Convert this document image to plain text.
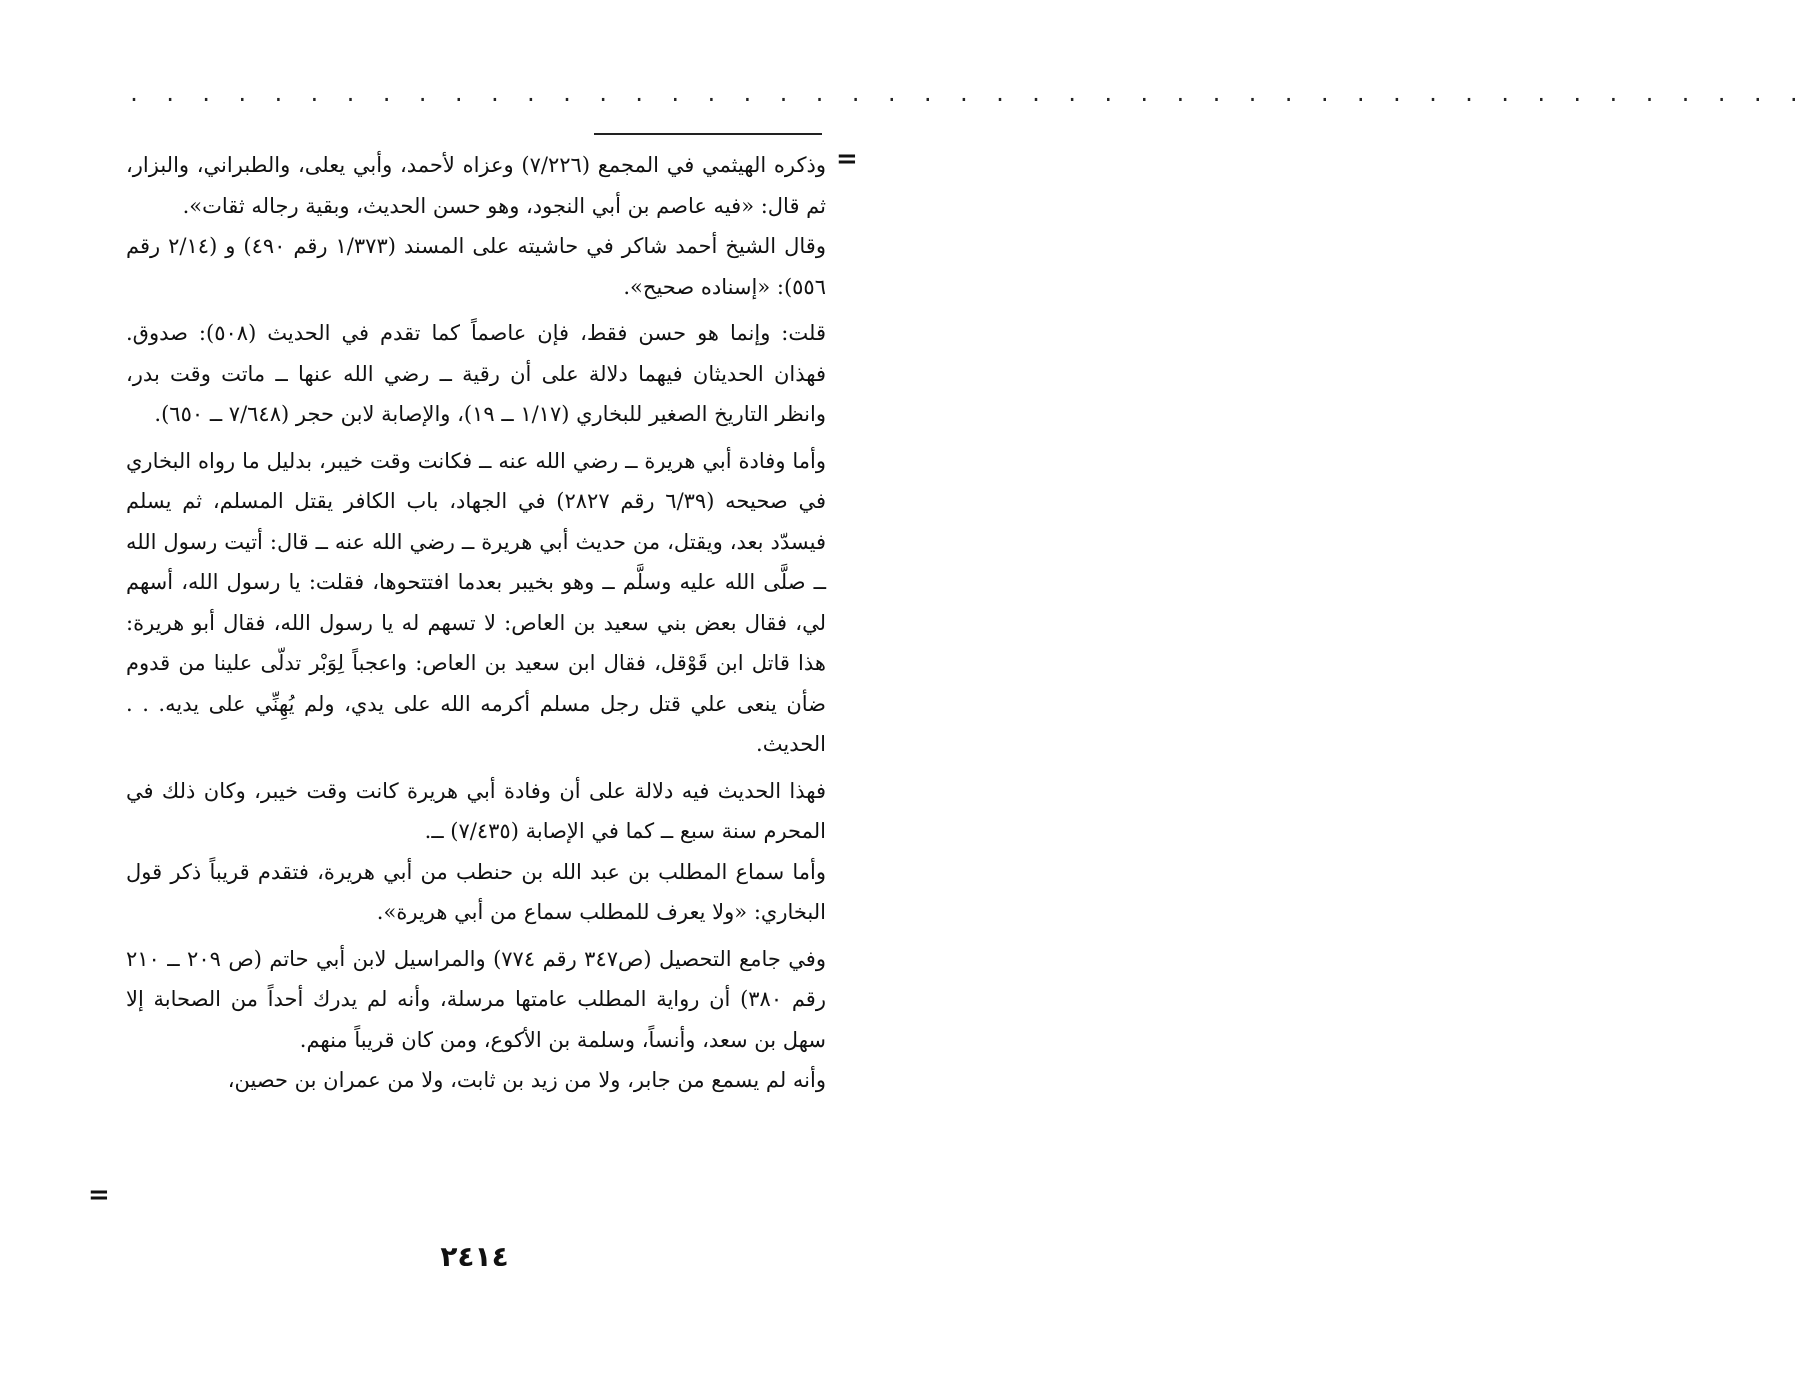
. . . . . . . . . . . . . . . . . . . . . . . . . . . . . . . . . . . . . . . . . . . . . . .
=

وذكره الهيثمي في المجمع (٧/٢٢٦) وعزاه لأحمد، وأبي يعلى، والطبراني، والبزار، ثم قال: «فيه عاصم بن أبي النجود، وهو حسن الحديث، وبقية رجاله ثقات».

وقال الشيخ أحمد شاكر في حاشيته على المسند (١/٣٧٣ رقم ٤٩٠) و (٢/١٤ رقم ٥٥٦): «إسناده صحيح».

قلت: وإنما هو حسن فقط، فإن عاصماً كما تقدم في الحديث (٥٠٨): صدوق. فهذان الحديثان فيهما دلالة على أن رقية ــ رضي الله عنها ــ ماتت وقت بدر، وانظر التاريخ الصغير للبخاري (١/١٧ ــ ١٩)، والإصابة لابن حجر (٧/٦٤٨ ــ ٦٥٠).

وأما وفادة أبي هريرة ــ رضي الله عنه ــ فكانت وقت خيبر، بدليل ما رواه البخاري في صحيحه (٦/٣٩ رقم ٢٨٢٧) في الجهاد، باب الكافر يقتل المسلم، ثم يسلم فيسدّد بعد، ويقتل، من حديث أبي هريرة ــ رضي الله عنه ــ قال: أتيت رسول الله ــ صلَّى الله عليه وسلَّم ــ وهو بخيبر بعدما افتتحوها، فقلت: يا رسول الله، أسهم لي، فقال بعض بني سعيد بن العاص: لا تسهم له يا رسول الله، فقال أبو هريرة: هذا قاتل ابن قَوْقل، فقال ابن سعيد بن العاص: واعجباً لِوَبْر تدلّى علينا من قدوم ضأن ينعى علي قتل رجل مسلم أكرمه الله على يدي، ولم يُهِنِّي على يديه. . . الحديث.

فهذا الحديث فيه دلالة على أن وفادة أبي هريرة كانت وقت خيبر، وكان ذلك في المحرم سنة سبع ــ كما في الإصابة (٧/٤٣٥) ــ.

وأما سماع المطلب بن عبد الله بن حنطب من أبي هريرة، فتقدم قريباً ذكر قول البخاري: «ولا يعرف للمطلب سماع من أبي هريرة».

وفي جامع التحصيل (ص٣٤٧ رقم ٧٧٤) والمراسيل لابن أبي حاتم (ص ٢٠٩ ــ ٢١٠ رقم ٣٨٠) أن رواية المطلب عامتها مرسلة، وأنه لم يدرك أحداً من الصحابة إلا سهل بن سعد، وأنساً، وسلمة بن الأكوع، ومن كان قريباً منهم.

وأنه لم يسمع من جابر، ولا من زيد بن ثابت، ولا من عمران بن حصين،

=
٢٤١٤
